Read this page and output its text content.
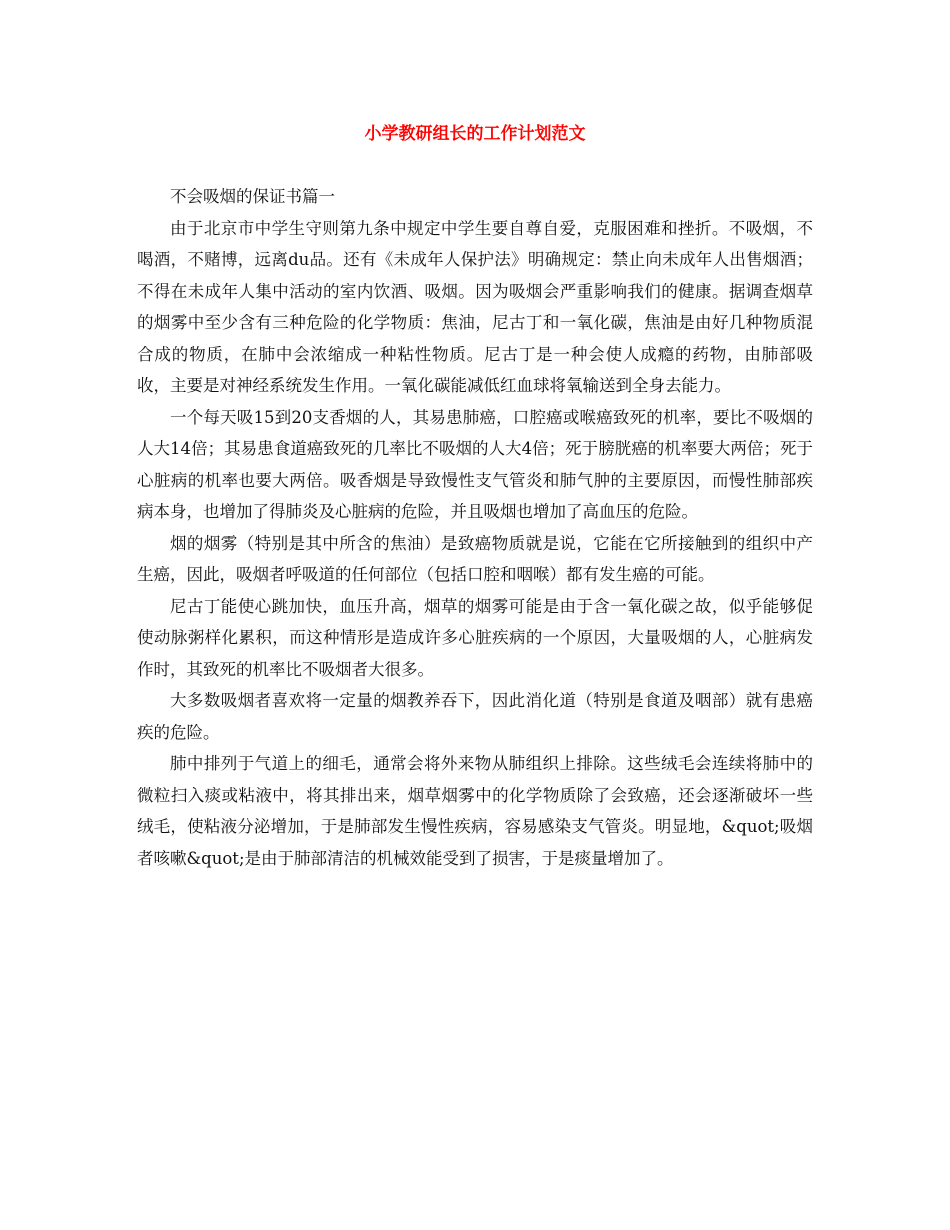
小学教研组长的工作计划范文

不会吸烟的保证书篇一

由于北京市中学生守则第九条中规定中学生要自尊自爱，克服困难和挫折。不吸烟，不喝酒，不赌博，远离du品。还有《未成年人保护法》明确规定：禁止向未成年人出售烟酒；不得在未成年人集中活动的室内饮酒、吸烟。因为吸烟会严重影响我们的健康。据调查烟草的烟雾中至少含有三种危险的化学物质：焦油，尼古丁和一氧化碳，焦油是由好几种物质混合成的物质，在肺中会浓缩成一种粘性物质。尼古丁是一种会使人成瘾的药物，由肺部吸收，主要是对神经系统发生作用。一氧化碳能减低红血球将氧输送到全身去能力。

一个每天吸15到20支香烟的人，其易患肺癌，口腔癌或喉癌致死的机率，要比不吸烟的人大14倍；其易患食道癌致死的几率比不吸烟的人大4倍；死于膀胱癌的机率要大两倍；死于心脏病的机率也要大两倍。吸香烟是导致慢性支气管炎和肺气肿的主要原因，而慢性肺部疾病本身，也增加了得肺炎及心脏病的危险，并且吸烟也增加了高血压的危险。

烟的烟雾（特别是其中所含的焦油）是致癌物质就是说，它能在它所接触到的组织中产生癌，因此，吸烟者呼吸道的任何部位（包括口腔和咽喉）都有发生癌的可能。

尼古丁能使心跳加快，血压升高，烟草的烟雾可能是由于含一氧化碳之故，似乎能够促使动脉粥样化累积，而这种情形是造成许多心脏疾病的一个原因，大量吸烟的人，心脏病发作时，其致死的机率比不吸烟者大很多。

大多数吸烟者喜欢将一定量的烟教养吞下，因此消化道（特别是食道及咽部）就有患癌疾的危险。

肺中排列于气道上的细毛，通常会将外来物从肺组织上排除。这些绒毛会连续将肺中的微粒扫入痰或粘液中，将其排出来，烟草烟雾中的化学物质除了会致癌，还会逐渐破坏一些绒毛，使粘液分泌增加，于是肺部发生慢性疾病，容易感染支气管炎。明显地，&quot;吸烟者咳嗽&quot;是由于肺部清洁的机械效能受到了损害，于是痰量增加了。
